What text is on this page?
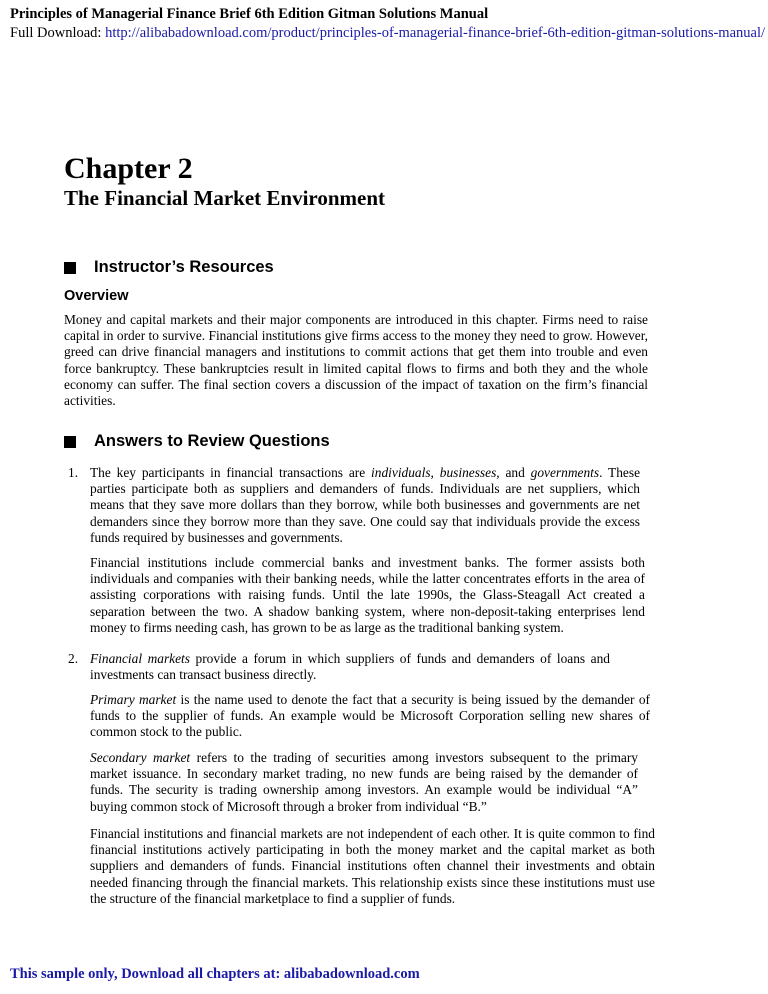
Principles of Managerial Finance Brief 6th Edition Gitman Solutions Manual
Full Download: http://alibabadownload.com/product/principles-of-managerial-finance-brief-6th-edition-gitman-solutions-manual/
Chapter 2
The Financial Market Environment
Instructor’s Resources
Overview
Money and capital markets and their major components are introduced in this chapter. Firms need to raise capital in order to survive. Financial institutions give firms access to the money they need to grow. However, greed can drive financial managers and institutions to commit actions that get them into trouble and even force bankruptcy. These bankruptcies result in limited capital flows to firms and both they and the whole economy can suffer. The final section covers a discussion of the impact of taxation on the firm’s financial activities.
Answers to Review Questions
1. The key participants in financial transactions are individuals, businesses, and governments. These parties participate both as suppliers and demanders of funds. Individuals are net suppliers, which means that they save more dollars than they borrow, while both businesses and governments are net demanders since they borrow more than they save. One could say that individuals provide the excess funds required by businesses and governments.
Financial institutions include commercial banks and investment banks. The former assists both individuals and companies with their banking needs, while the latter concentrates efforts in the area of assisting corporations with raising funds. Until the late 1990s, the Glass-Steagall Act created a separation between the two. A shadow banking system, where non-deposit-taking enterprises lend money to firms needing cash, has grown to be as large as the traditional banking system.
2. Financial markets provide a forum in which suppliers of funds and demanders of loans and investments can transact business directly.
Primary market is the name used to denote the fact that a security is being issued by the demander of funds to the supplier of funds. An example would be Microsoft Corporation selling new shares of common stock to the public.
Secondary market refers to the trading of securities among investors subsequent to the primary market issuance. In secondary market trading, no new funds are being raised by the demander of funds. The security is trading ownership among investors. An example would be individual “A” buying common stock of Microsoft through a broker from individual “B.”
Financial institutions and financial markets are not independent of each other. It is quite common to find financial institutions actively participating in both the money market and the capital market as both suppliers and demanders of funds. Financial institutions often channel their investments and obtain needed financing through the financial markets. This relationship exists since these institutions must use the structure of the financial marketplace to find a supplier of funds.
This sample only, Download all chapters at: alibabadownload.com
